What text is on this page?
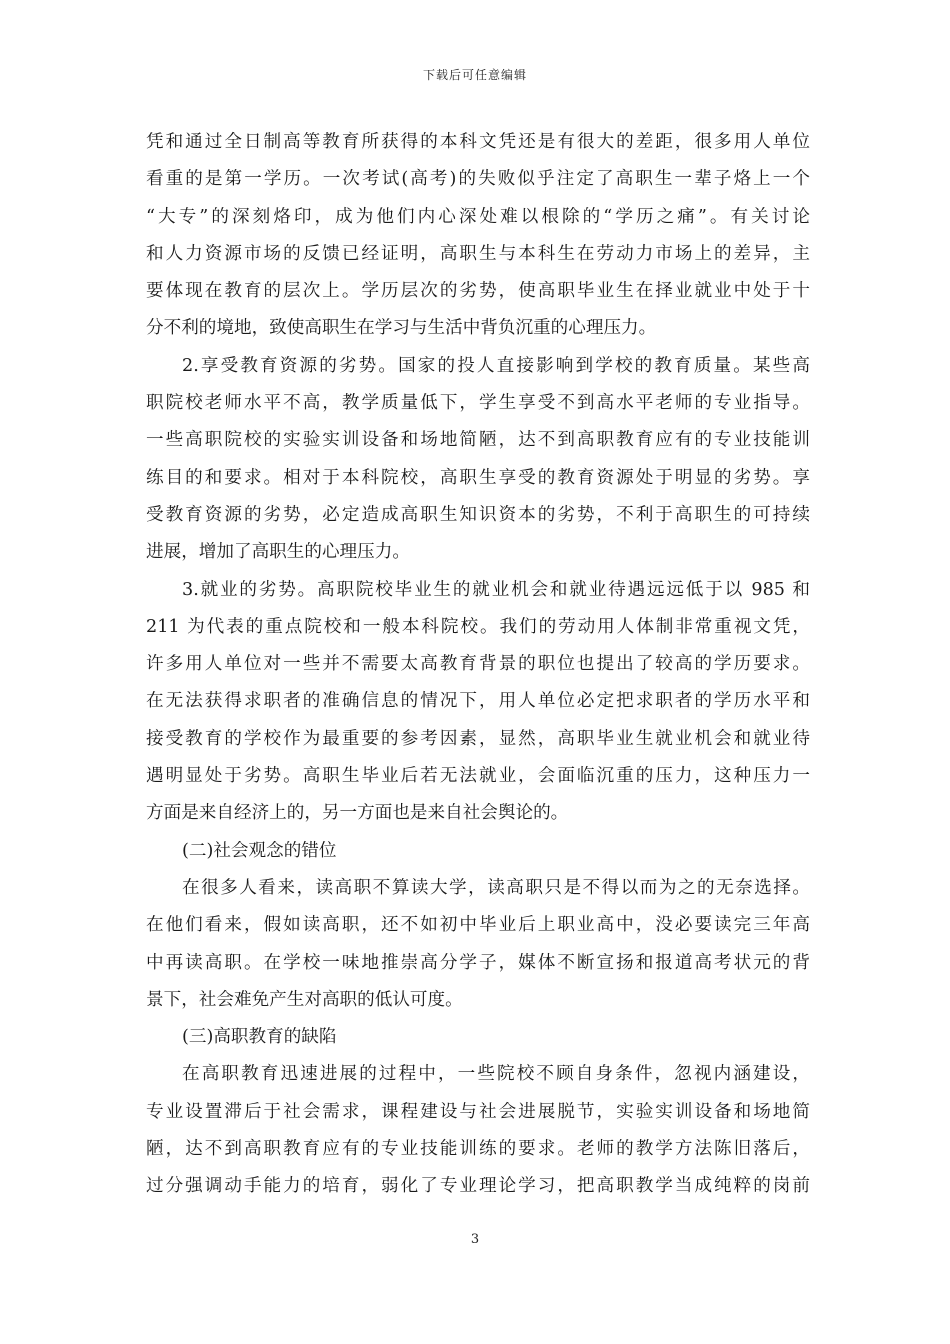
下载后可任意编辑
凭和通过全日制高等教育所获得的本科文凭还是有很大的差距，很多用人单位
看重的是第一学历。一次考试(高考)的失败似乎注定了高职生一辈子烙上一个
“大专”的深刻烙印，成为他们内心深处难以根除的“学历之痛”。有关讨论
和人力资源市场的反馈已经证明，高职生与本科生在劳动力市场上的差异，主
要体现在教育的层次上。学历层次的劣势，使高职毕业生在择业就业中处于十
分不利的境地，致使高职生在学习与生活中背负沉重的心理压力。
2.享受教育资源的劣势。国家的投人直接影响到学校的教育质量。某些高
职院校老师水平不高，教学质量低下，学生享受不到高水平老师的专业指导。
一些高职院校的实验实训设备和场地简陋，达不到高职教育应有的专业技能训
练目的和要求。相对于本科院校，高职生享受的教育资源处于明显的劣势。享
受教育资源的劣势，必定造成高职生知识资本的劣势，不利于高职生的可持续
进展，增加了高职生的心理压力。
3.就业的劣势。高职院校毕业生的就业机会和就业待遇远远低于以 985 和
211 为代表的重点院校和一般本科院校。我们的劳动用人体制非常重视文凭，
许多用人单位对一些并不需要太高教育背景的职位也提出了较高的学历要求。
在无法获得求职者的准确信息的情况下，用人单位必定把求职者的学历水平和
接受教育的学校作为最重要的参考因素，显然，高职毕业生就业机会和就业待
遇明显处于劣势。高职生毕业后若无法就业，会面临沉重的压力，这种压力一
方面是来自经济上的，另一方面也是来自社会舆论的。
(二)社会观念的错位
在很多人看来，读高职不算读大学，读高职只是不得以而为之的无奈选择。
在他们看来，假如读高职，还不如初中毕业后上职业高中，没必要读完三年高
中再读高职。在学校一味地推崇高分学子，媒体不断宣扬和报道高考状元的背
景下，社会难免产生对高职的低认可度。
(三)高职教育的缺陷
在高职教育迅速进展的过程中，一些院校不顾自身条件，忽视内涵建设，
专业设置滞后于社会需求，课程建设与社会进展脱节，实验实训设备和场地简
陋，达不到高职教育应有的专业技能训练的要求。老师的教学方法陈旧落后，
过分强调动手能力的培育，弱化了专业理论学习，把高职教学当成纯粹的岗前
3
